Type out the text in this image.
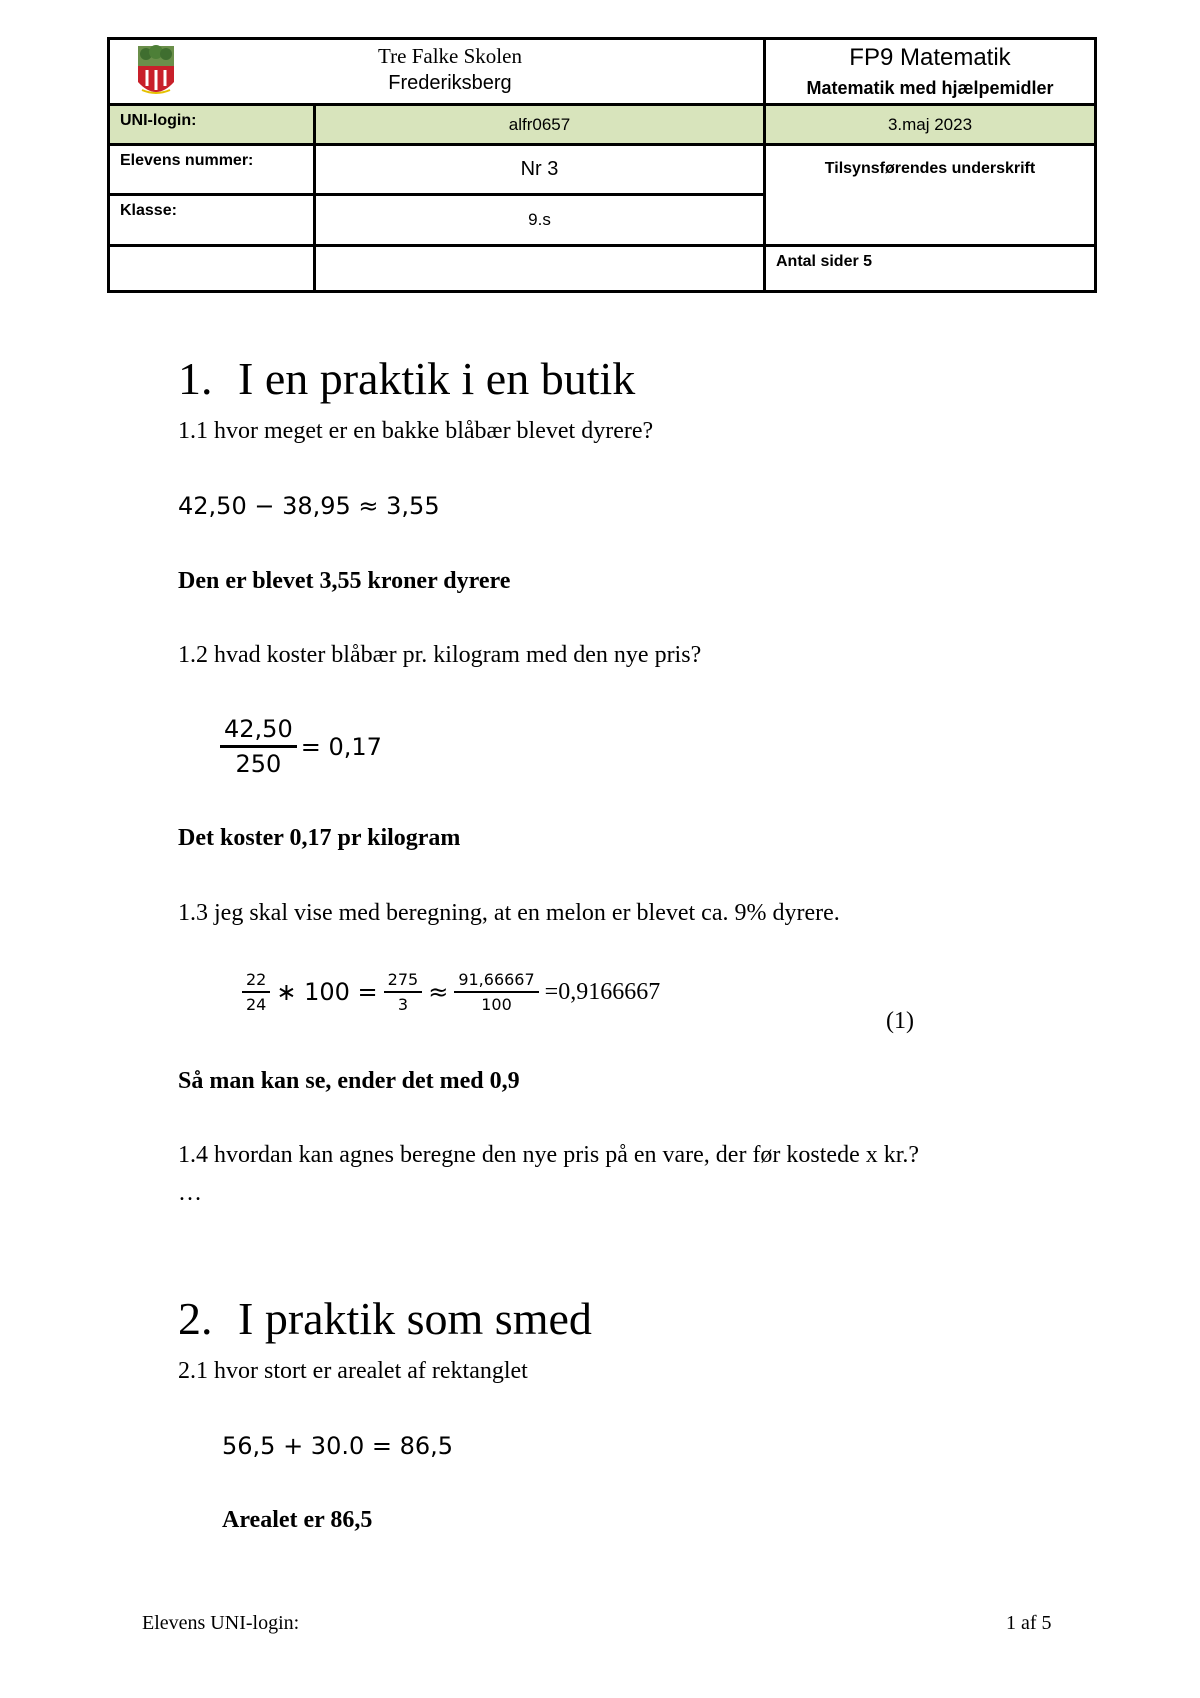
Tre Falke Skolen
Frederiksberg
FP9 Matematik
Matematik med hjælpemidler
UNI-login:	alfr0657	3.maj 2023
Elevens nummer:	Nr 3	Tilsynsførendes underskrift
Klasse:	9.s
Antal sider 5
1. I en praktik i en butik
1.1 hvor meget er en bakke blåbær blevet dyrere?
42,50 − 38,95 ≈ 3,55
Den er blevet 3,55 kroner dyrere
1.2 hvad koster blåbær pr. kilogram med den nye pris?
$\frac{42,50}{250} = 0,17$
Det koster 0,17 pr kilogram
1.3 jeg skal vise med beregning, at en melon er blevet ca. 9% dyrere.
$\frac{22}{24}$ ∗ $100 = \frac{275}{3} \approx \frac{91,66667}{100} =0,9166667$
(1)
Så man kan se, ender det med 0,9
1.4 hvordan kan agnes beregne den nye pris på en vare, der før kostede x kr.?
…
2. I praktik som smed
2.1 hvor stort er arealet af rektanglet
56,5 + 30.0 = 86,5
Arealet er 86,5
Elevens UNI-login:	1 af 5
